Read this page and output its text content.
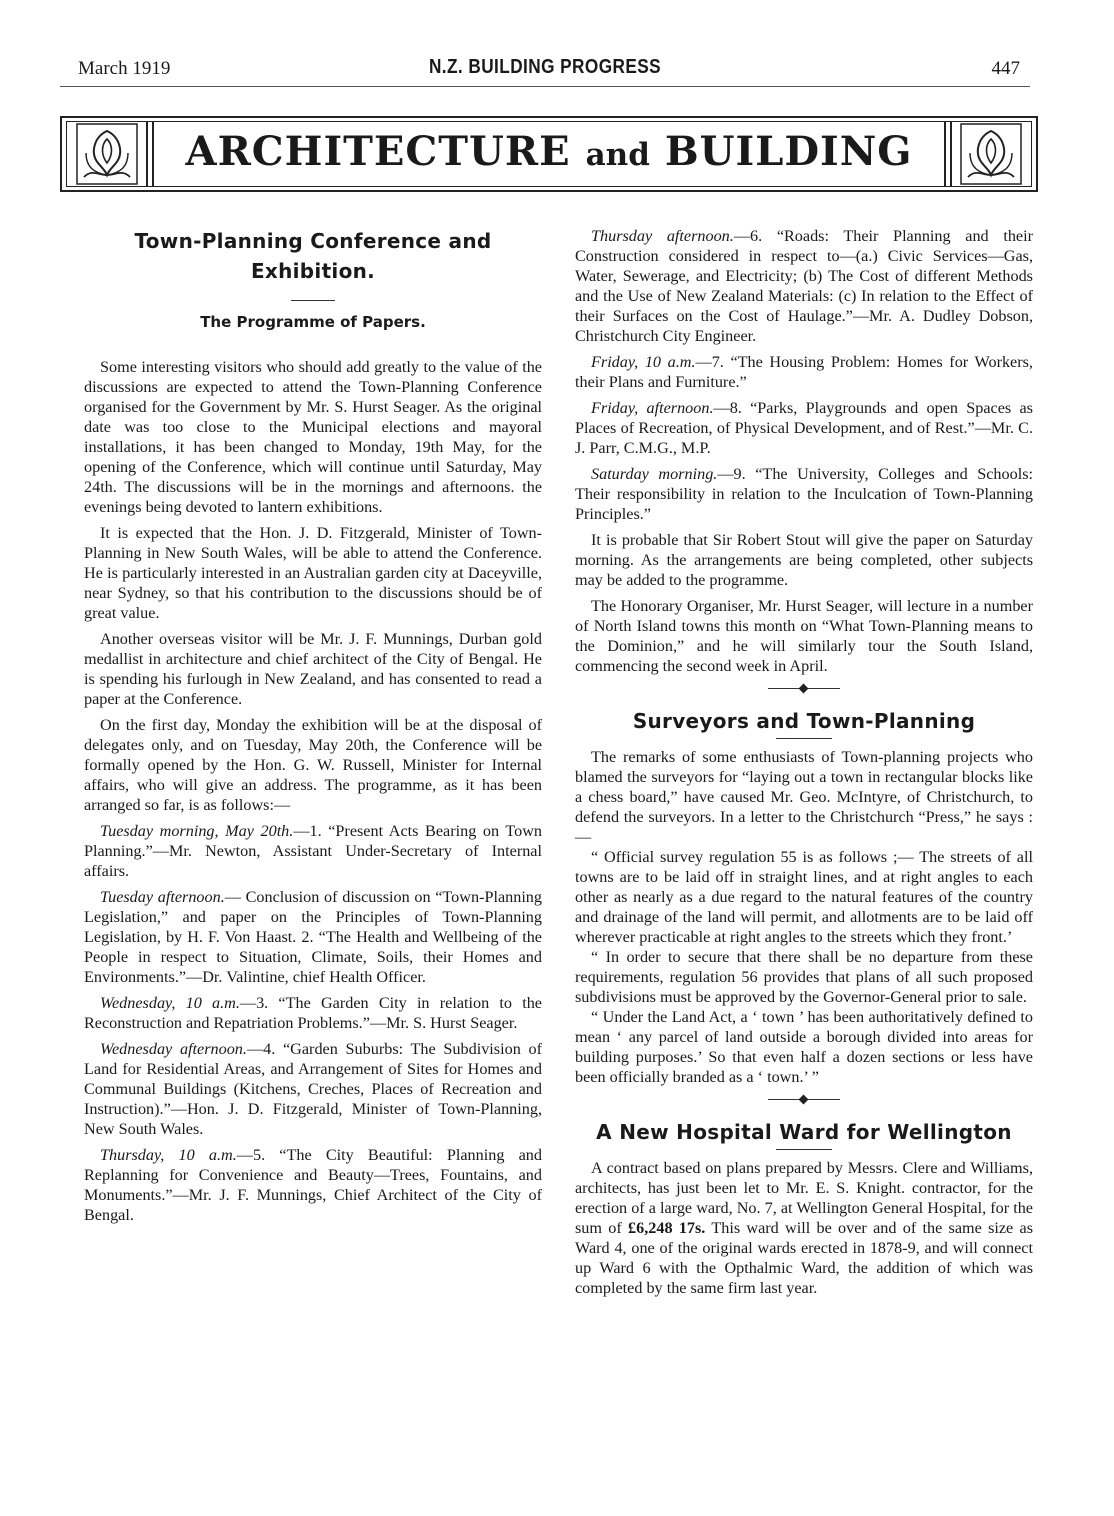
March 1919	N.Z. BUILDING PROGRESS	447
ARCHITECTURE and BUILDING
Town-Planning Conference and Exhibition.
The Programme of Papers.

Some interesting visitors who should add greatly to the value of the discussions are expected to attend the Town-Planning Conference organised for the Government by Mr. S. Hurst Seager. As the original date was too close to the Municipal elections and mayoral installations, it has been changed to Monday, 19th May, for the opening of the Conference, which will continue until Saturday, May 24th. The discussions will be in the mornings and afternoons. the evenings being devoted to lantern exhibitions.

It is expected that the Hon. J. D. Fitzgerald, Minister of Town-Planning in New South Wales, will be able to attend the Conference. He is particularly interested in an Australian garden city at Daceyville, near Sydney, so that his contribution to the discussions should be of great value.

Another overseas visitor will be Mr. J. F. Munnings, Durban gold medallist in architecture and chief architect of the City of Bengal. He is spending his furlough in New Zealand, and has consented to read a paper at the Conference.

On the first day, Monday the exhibition will be at the disposal of delegates only, and on Tuesday, May 20th, the Conference will be formally opened by the Hon. G. W. Russell, Minister for Internal affairs, who will give an address. The programme, as it has been arranged so far, is as follows:—

Tuesday morning, May 20th.—1. “Present Acts Bearing on Town Planning.”—Mr. Newton, Assistant Under-Secretary of Internal affairs.

Tuesday afternoon.— Conclusion of discussion on “Town-Planning Legislation,” and paper on the Principles of Town-Planning Legislation, by H. F. Von Haast. 2. “The Health and Wellbeing of the People in respect to Situation, Climate, Soils, their Homes and Environments.”—Dr. Valintine, chief Health Officer.

Wednesday, 10 a.m.—3. “The Garden City in relation to the Reconstruction and Repatriation Problems.”—Mr. S. Hurst Seager.

Wednesday afternoon.—4. “Garden Suburbs: The Subdivision of Land for Residential Areas, and Arrangement of Sites for Homes and Communal Buildings (Kitchens, Creches, Places of Recreation and Instruction).”—Hon. J. D. Fitzgerald, Minister of Town-Planning, New South Wales.

Thursday, 10 a.m.—5. “The City Beautiful: Planning and Replanning for Convenience and Beauty—Trees, Fountains, and Monuments.”—Mr. J. F. Munnings, Chief Architect of the City of Bengal.

Thursday afternoon.—6. “Roads: Their Planning and their Construction considered in respect to—(a.) Civic Services—Gas, Water, Sewerage, and Electricity; (b) The Cost of different Methods and the Use of New Zealand Materials: (c) In relation to the Effect of their Surfaces on the Cost of Haulage.”—Mr. A. Dudley Dobson, Christchurch City Engineer.

Friday, 10 a.m.—7. “The Housing Problem: Homes for Workers, their Plans and Furniture.”

Friday, afternoon.—8. “Parks, Playgrounds and open Spaces as Places of Recreation, of Physical Development, and of Rest.”—Mr. C. J. Parr, C.M.G., M.P.

Saturday morning.—9. “The University, Colleges and Schools: Their responsibility in relation to the Inculcation of Town-Planning Principles.”

It is probable that Sir Robert Stout will give the paper on Saturday morning. As the arrangements are being completed, other subjects may be added to the programme.

The Honorary Organiser, Mr. Hurst Seager, will lecture in a number of North Island towns this month on “What Town-Planning means to the Dominion,” and he will similarly tour the South Island, commencing the second week in April.

Surveyors and Town-Planning

The remarks of some enthusiasts of Town-planning projects who blamed the surveyors for “laying out a town in rectangular blocks like a chess board,” have caused Mr. Geo. McIntyre, of Christchurch, to defend the surveyors. In a letter to the Christchurch “Press,” he says :—

“ Official survey regulation 55 is as follows ;— The streets of all towns are to be laid off in straight lines, and at right angles to each other as nearly as a due regard to the natural features of the country and drainage of the land will permit, and allotments are to be laid off wherever practicable at right angles to the streets which they front.’

“ In order to secure that there shall be no departure from these requirements, regulation 56 provides that plans of all such proposed subdivisions must be approved by the Governor-General prior to sale.

“ Under the Land Act, a ‘ town ’ has been authoritatively defined to mean ‘ any parcel of land outside a borough divided into areas for building purposes.’ So that even half a dozen sections or less have been officially branded as a ‘ town.’ ”

A New Hospital Ward for Wellington

A contract based on plans prepared by Messrs. Clere and Williams, architects, has just been let to Mr. E. S. Knight. contractor, for the erection of a large ward, No. 7, at Wellington General Hospital, for the sum of £6,248 17s. This ward will be over and of the same size as Ward 4, one of the original wards erected in 1878-9, and will connect up Ward 6 with the Opthalmic Ward, the addition of which was completed by the same firm last year.
